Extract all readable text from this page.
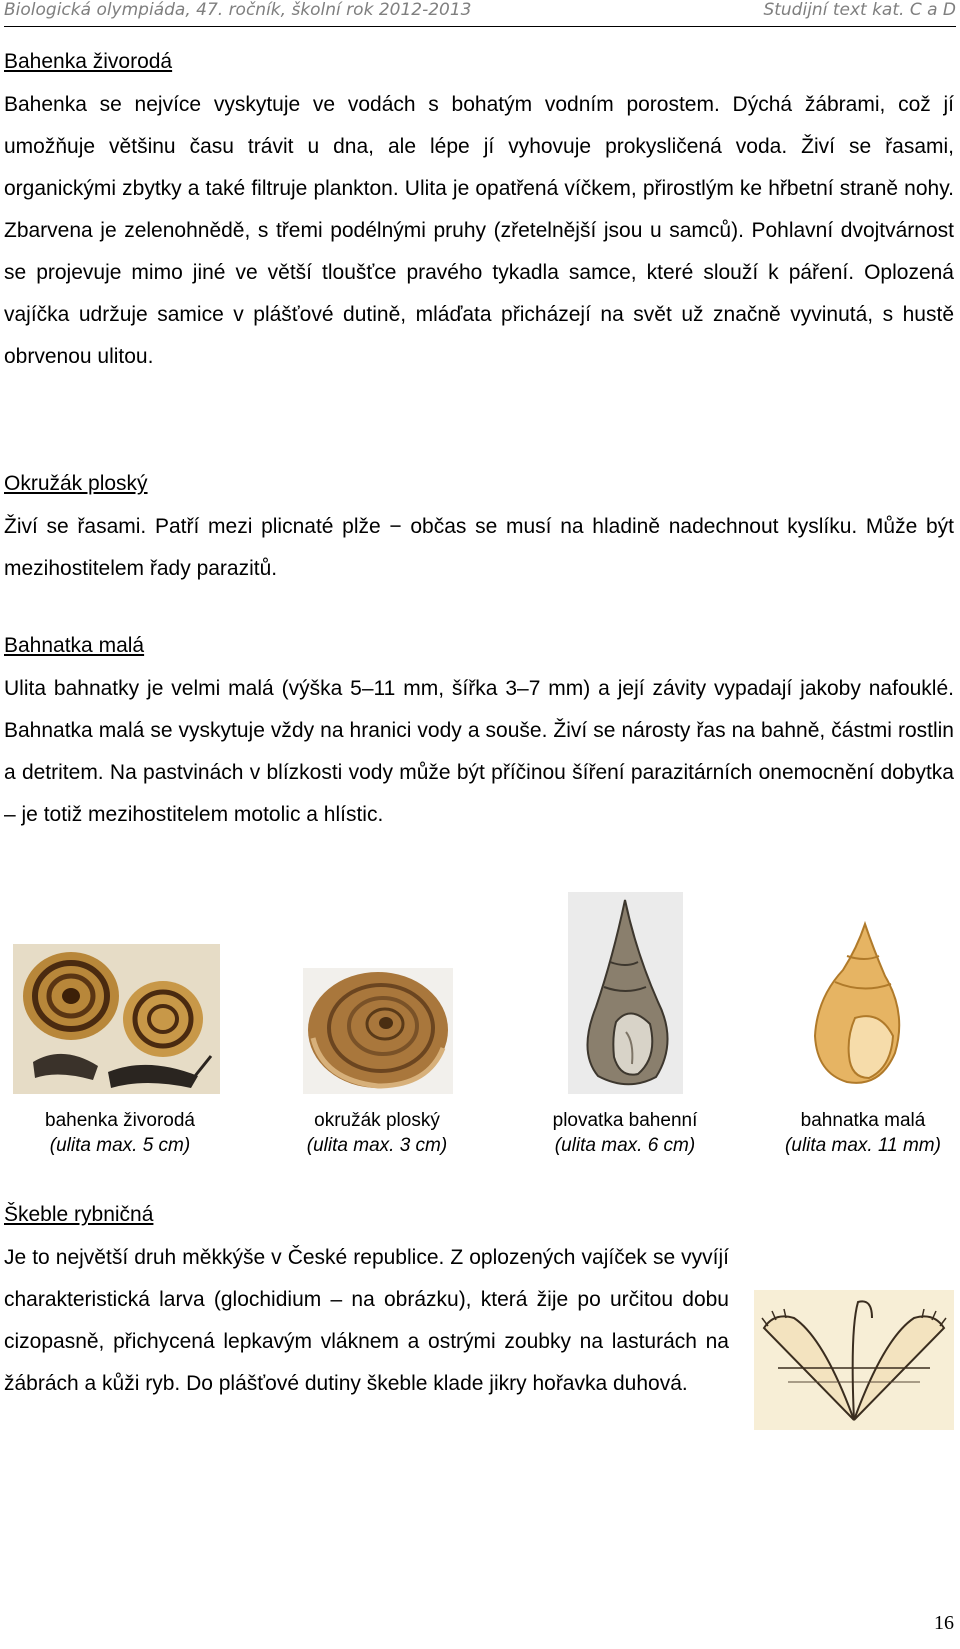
Biologická olympiáda, 47. ročník, školní rok 2012-2013	Studijní text kat. C a D
Bahenka živorodá

Bahenka se nejvíce vyskytuje ve vodách s bohatým vodním porostem. Dýchá žábrami, což jí umožňuje většinu času trávit u dna, ale lépe jí vyhovuje prokysličená voda. Živí se řasami, organickými zbytky a také filtruje plankton. Ulita je opatřená víčkem, přirostlým ke hřbetní straně nohy. Zbarvena je zelenohnědě, s třemi podélnými pruhy (zřetelnější jsou u samců). Pohlavní dvojtvárnost se projevuje mimo jiné ve větší tloušťce pravého tykadla samce, které slouží k páření. Oplozená vajíčka udržuje samice v plášťové dutině, mláďata přicházejí na svět už značně vyvinutá, s hustě obrvenou ulitou.

Okružák ploský

Živí se řasami. Patří mezi plicnaté plže − občas se musí na hladině nadechnout kyslíku. Může být mezihostitelem řady parazitů.

Bahnatka malá

Ulita bahnatky je velmi malá (výška 5–11 mm, šířka 3–7 mm) a její závity vypadají jakoby nafouklé. Bahnatka malá se vyskytuje vždy na hranici vody a souše. Živí se nárosty řas na bahně, částmi rostlin a detritem. Na pastvinách v blízkosti vody může být příčinou šíření parazitárních onemocnění dobytka – je totiž mezihostitelem motolic a hlístic.

bahenka živorodá
(ulita max. 5 cm)
okružák ploský
(ulita max. 3 cm)
plovatka bahenní
(ulita max. 6 cm)
bahnatka malá
(ulita max. 11 mm)
Škeble rybničná

Je to největší druh měkkýše v České republice. Z oplozených vajíček se vyvíjí charakteristická larva (glochidium – na obrázku), která žije po určitou dobu cizopasně, přichycená lepkavým vláknem a ostrými zoubky na lasturách na žábrách a kůži ryb. Do plášťové dutiny škeble klade jikry hořavka duhová.

16
